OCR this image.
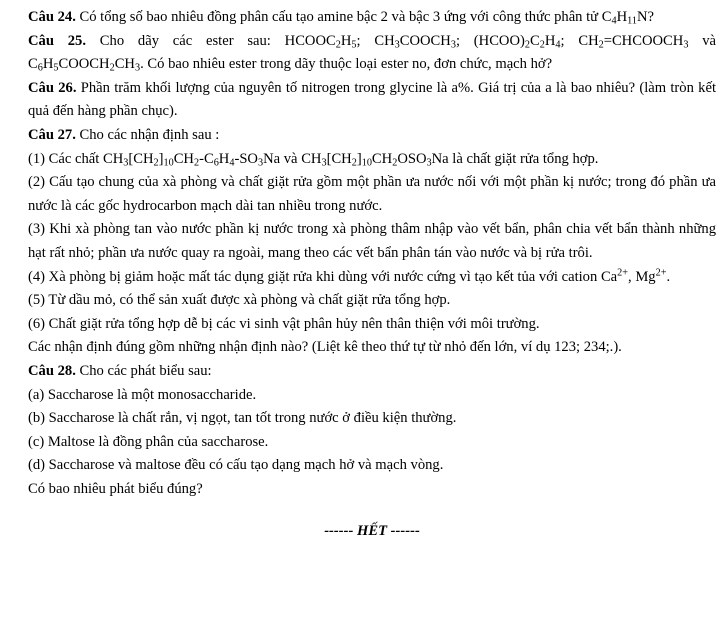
Câu 24. Có tổng số bao nhiêu đồng phân cấu tạo amine bậc 2 và bậc 3 ứng với công thức phân tử $C_4H_{11}N$?

Câu 25. Cho dãy các ester sau: $HCOOC_2H_5$; $CH_3COOCH_3$; $(HCOO)_2C_2H_4$; $CH_2=CHCOOCH_3$ và $C_6H_5COOCH_2CH_3$. Có bao nhiêu ester trong dãy thuộc loại ester no, đơn chức, mạch hở?

Câu 26. Phần trăm khối lượng của nguyên tố nitrogen trong glycine là a%. Giá trị của a là bao nhiêu? (làm tròn kết quả đến hàng phần chục).

Câu 27. Cho các nhận định sau :

(1) Các chất $CH_3[CH_2]_{10}CH_2-C_6H_4-SO_3Na$ và $CH_3[CH_2]_{10}CH_2OSO_3Na$ là chất giặt rửa tổng hợp.

(2) Cấu tạo chung của xà phòng và chất giặt rửa gồm một phần ưa nước nối với một phần kị nước; trong đó phần ưa nước là các gốc hydrocarbon mạch dài tan nhiều trong nước.

(3) Khi xà phòng tan vào nước phần kị nước trong xà phòng thâm nhập vào vết bẩn, phân chia vết bẩn thành những hạt rất nhỏ; phần ưa nước quay ra ngoài, mang theo các vết bẩn phân tán vào nước và bị rửa trôi.

(4) Xà phòng bị giảm hoặc mất tác dụng giặt rửa khi dùng với nước cứng vì tạo kết tủa với cation $Ca^{2+}$, $Mg^{2+}$.

(5) Từ dầu mỏ, có thể sản xuất được xà phòng và chất giặt rửa tổng hợp.

(6) Chất giặt rửa tổng hợp dễ bị các vi sinh vật phân hủy nên thân thiện với môi trường.

Các nhận định đúng gồm những nhận định nào? (Liệt kê theo thứ tự từ nhỏ đến lớn, ví dụ 123; 234;.).

Câu 28. Cho các phát biểu sau:

(a) Saccharose là một monosaccharide.

(b) Saccharose là chất rắn, vị ngọt, tan tốt trong nước ở điều kiện thường.

(c) Maltose là đồng phân của saccharose.

(d) Saccharose và maltose đều có cấu tạo dạng mạch hở và mạch vòng.

Có bao nhiêu phát biểu đúng?

------ HẾT ------
